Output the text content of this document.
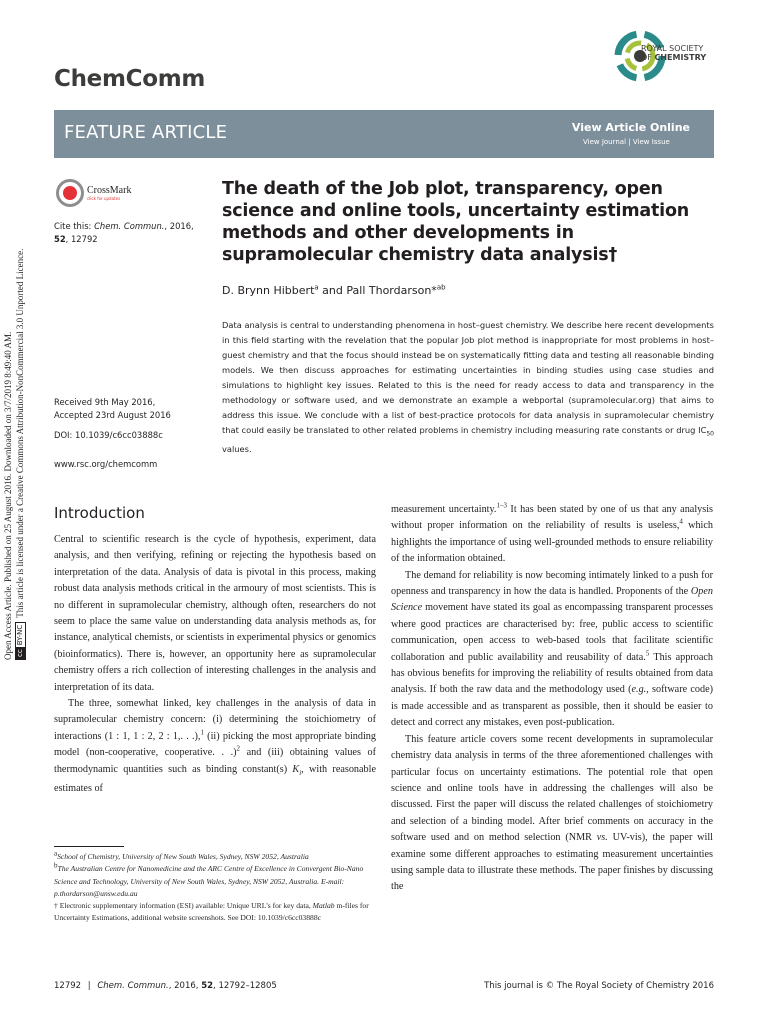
Open Access Article. Published on 25 August 2016. Downloaded on 3/7/2019 8:49:40 AM. cc
BY-NC
This article is licensed under a Creative Commons Attribution-NonCommercial 3.0 Unported Licence.
ChemComm
ROYAL SOCIETY
OF CHEMISTRY
FEATURE ARTICLE	View Article Online
View Journal | View Issue
CrossMark
click for updates
Cite this: Chem. Commun., 2016,
52, 12792
Received 9th May 2016,
Accepted 23rd August 2016
DOI: 10.1039/c6cc03888c
www.rsc.org/chemcomm
The death of the Job plot, transparency, open science and online tools, uncertainty estimation methods and other developments in supramolecular chemistry data analysis†
D. Brynn Hibbert$^a$ and Pall Thordarson*$^{ab}$
Data analysis is central to understanding phenomena in host–guest chemistry. We describe here recent developments in this field starting with the revelation that the popular Job plot method is inappropriate for most problems in host–guest chemistry and that the focus should instead be on systematically fitting data and testing all reasonable binding models. We then discuss approaches for estimating uncertainties in binding studies using case studies and simulations to highlight key issues. Related to this is the need for ready access to data and transparency in the methodology or software used, and we demonstrate an example a webportal (supramolecular.org) that aims to address this issue. We conclude with a list of best-practice protocols for data analysis in supramolecular chemistry that could easily be translated to other related problems in chemistry including measuring rate constants or drug $IC_{50}$ values.
Introduction

Central to scientific research is the cycle of hypothesis, experiment, data analysis, and then verifying, refining or rejecting the hypothesis based on interpretation of the data. Analysis of data is pivotal in this process, making robust data analysis methods critical in the armoury of most scientists. This is no different in supramolecular chemistry, although often, researchers do not seem to place the same value on understanding data analysis methods as, for instance, analytical chemists, or scientists in experimental physics or genomics (bioinformatics). There is, however, an opportunity here as supramolecular chemistry offers a rich collection of interesting challenges in the analysis and interpretation of its data.

The three, somewhat linked, key challenges in the analysis of data in supramolecular chemistry concern: (i) determining the stoichiometry of interactions (1 : 1, 1 : 2, 2 : 1,. . .),$^1$ (ii) picking the most appropriate binding model (non-cooperative, cooperative. . .)$^2$ and (iii) obtaining values of thermodynamic quantities such as binding constant(s) $K_i$, with reasonable estimates of

measurement uncertainty.$^{1-3}$ It has been stated by one of us that any analysis without proper information on the reliability of results is useless,$^4$ which highlights the importance of using well-grounded methods to ensure reliability of the information obtained.

The demand for reliability is now becoming intimately linked to a push for openness and transparency in how the data is handled. Proponents of the Open Science movement have stated its goal as encompassing transparent processes where good practices are characterised by: free, public access to scientific communication, open access to web-based tools that facilitate scientific collaboration and public availability and reusability of data.$^5$ This approach has obvious benefits for improving the reliability of results obtained from data analysis. If both the raw data and the methodology used (e.g., software code) is made accessible and as transparent as possible, then it should be easier to detect and correct any mistakes, even post-publication.

This feature article covers some recent developments in supramolecular chemistry data analysis in terms of the three aforementioned challenges with particular focus on uncertainty estimations. The potential role that open science and online tools have in addressing the challenges will also be discussed. First the paper will discuss the related challenges of stoichiometry and selection of a binding model. After brief comments on accuracy in the software used and on method selection (NMR vs. UV-vis), the paper will examine some different approaches to estimating measurement uncertainties using sample data to illustrate these methods. The paper finishes by discussing the

$^a$School of Chemistry, University of New South Wales, Sydney, NSW 2052, Australia

$^b$The Australian Centre for Nanomedicine and the ARC Centre of Excellence in Convergent Bio-Nano Science and Technology, University of New South Wales, Sydney, NSW 2052, Australia. E-mail: p.thordarson@unsw.edu.au

† Electronic supplementary information (ESI) available: Unique URL's for key data, Matlab m-files for Uncertainty Estimations, additional website screenshots. See DOI: 10.1039/c6cc03888c

12792 | Chem. Commun., 2016, 52, 12792–12805	This journal is © The Royal Society of Chemistry 2016
